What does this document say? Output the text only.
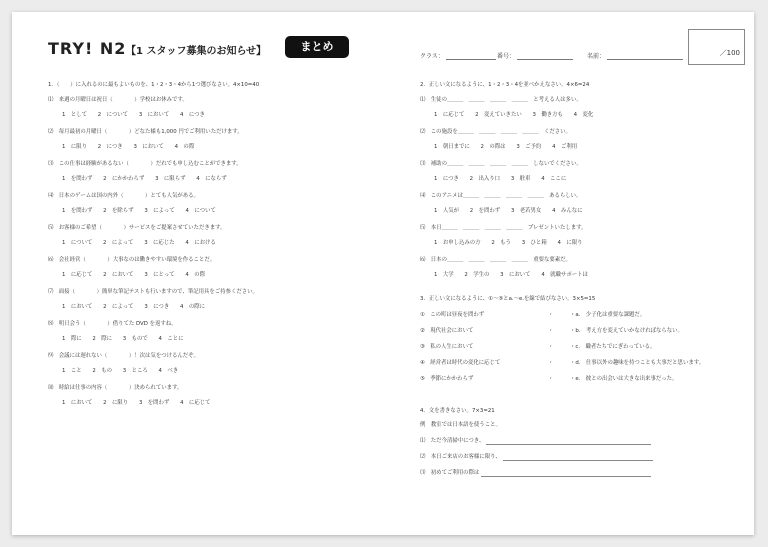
TRY! N2 【1 スタッフ募集のお知らせ】	まとめ
クラス：	番号：	名前：	／100
1．（　　）に入れるのに最もよいものを、1・2・3・4から1つ選びなさい。4×10=40
⑴　来週の月曜日は祝日（　　　　）学校はお休みです。
1　として　　2　について　　3　において　　4　につき
⑵　毎月最初の月曜日（　　　　）どなた様も1,000 円でご利用いただけます。
1　に限り　　2　につき　　3　において　　4　の際
⑶　この仕事は経験があるない（　　　　）だれでも申し込むことができます。
1　を問わず　　2　にかかわらず　　3　に限らず　　4　にならず
⑷　日本のゲームは国の内外（　　　　）とても人気がある。
1　を問わず　　2　を除らず　　3　によって　　4　について
⑸　お客様のご希望（　　　　）サービスをご提案させていただきます。
1　について　　2　によって　　3　に応じた　　4　における
⑹　会社経営（　　　　）大事なのは働きやすい環境を作ることだ。
1　に応じて　　2　において　　3　にとって　　4　の際
⑺　面接（　　　　）簡単な筆記テストも行いますので、筆記用具をご持参ください。
1　において　　2　によって　　3　につき　　4　の際に
⑻　明日会う（　　　　）借りてた DVD を返すね。
1　際に　　2　際に　　3　もので　　4　ことに
⑼　会議には遅れない（　　　　）！次は気をつけるんだぞ。
1　こと　　2　もの　　3　ところ　　4　べき
⑽　時給は仕事の内容（　　　　）決められています。
1　において　　2　に限り　　3　を問わず　　4　に応じて
2．正しい文になるように、1・2・3・4を並べかえなさい。4×6=24
⑴　生徒の＿＿＿　＿＿＿　＿＿＿　＿＿＿　と考える人は多い。
1　に応じて　　2　変えていきたい　　3　働き方も　　4　変化
⑵　この施設を＿＿＿　＿＿＿　＿＿＿　＿＿＿　ください。
1　朝日までに　　2　の際は　　3　ご予約　　4　ご利用
⑶　補助の＿＿＿　＿＿＿　＿＿＿　＿＿＿　しないでください。
1　につき　　2　出入り口　　3　駐車　　4　ここに
⑷　このアニメは＿＿＿　＿＿＿　＿＿＿　＿＿＿　あるらしい。
1　人気が　　2　を問わず　　3　老若男女　　4　みんなに
⑸　本日＿＿＿　＿＿＿　＿＿＿　＿＿＿　プレゼントいたします。
1　お申し込みの方　　2　もう　　3　ひと箱　　4　に限り
⑹　日本の＿＿＿　＿＿＿　＿＿＿　＿＿＿　重要な要素だ。
1　大学　　2　学生の　　3　において　　4　就職サポートは
3．正しい文になるように、①～⑤とa.～e.を線で結びなさい。3×5=15
①　この町は昼夜を問わず	・	・a.　少子化は重要な課題だ。
②　現代社会において	・	・b.　考え方を変えていかなければならない。
③　私の人生において	・	・c.　職者たちでにぎわっている。
④　経営者は時代の変化に応じて	・	・d.　仕事以外の趣味を持つことも大事だと思います。
⑤　季節にかかわらず	・	・e.　彼との出会いは大きな出来事だった。
4．文を書きなさい。7×3=21
例　教室では日本語を使うこと。
⑴　ただ今清掃中につき、
⑵　本日ご来店のお客様に限り、
⑶　初めてご利用の際は
